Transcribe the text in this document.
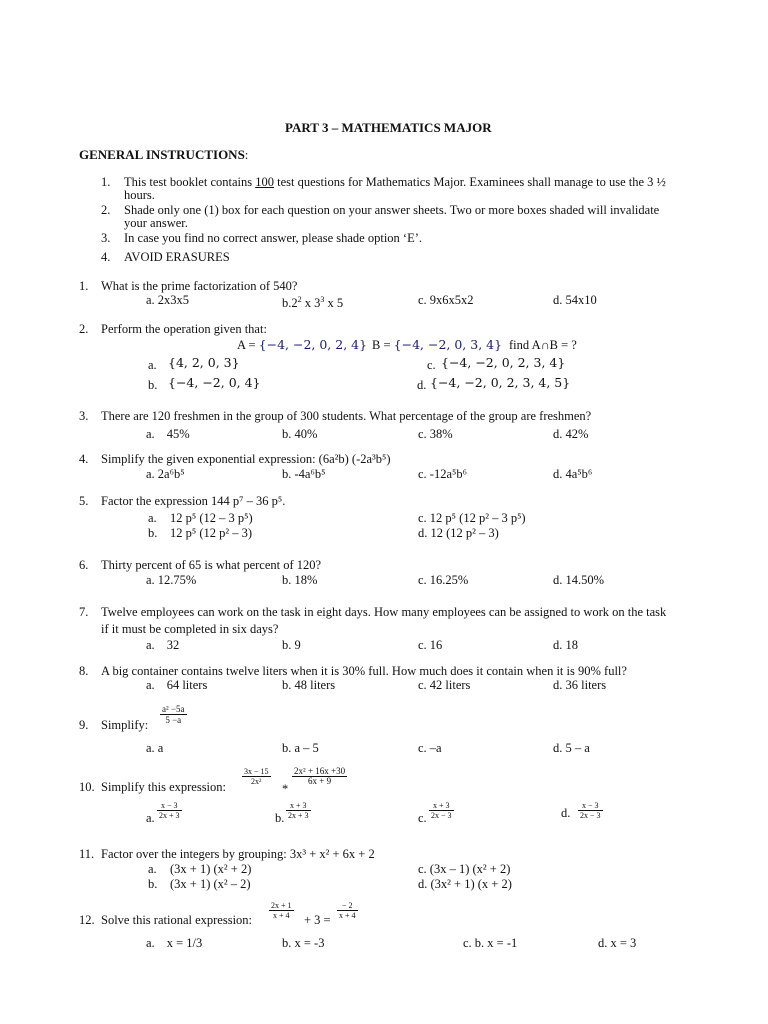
PART 3 – MATHEMATICS MAJOR
GENERAL INSTRUCTIONS:
1. This test booklet contains 100 test questions for Mathematics Major. Examinees shall manage to use the 3 ½
hours.
2. Shade only one (1) box for each question on your answer sheets. Two or more boxes shaded will invalidate
your answer.
3. In case you find no correct answer, please shade option ‘E’.
4. AVOID ERASURES
1. What is the prime factorization of 540?
a. 2x3x5	$b.2^2$ x $3^3$ x 5	c. 9x6x5x2	d. 54x10
2. Perform the operation given that:
A = {−4, −2, 0, 2, 4} B = {−4, −2, 0, 3, 4} find A∩B = ?
a. {4, 2, 0, 3}	c. {−4, −2, 0, 2, 3, 4}
b. {−4, −2, 0, 4}	d. {−4, −2, 0, 2, 3, 4, 5}
3. There are 120 freshmen in the group of 300 students. What percentage of the group are freshmen?
a. 45%	b. 40%	c. 38%	d. 42%
4. Simplify the given exponential expression: (6a²b) (-2a³b⁵)
a. 2a⁶b⁵	b. -4a⁶b⁵	c. -12a⁵b⁶	d. 4a⁵b⁶
5. Factor the expression 144 p⁷ – 36 p⁵.
a. 12 p⁵ (12 – 3 p⁵)	c. 12 p⁵ (12 p² – 3 p⁵)
b. 12 p⁵ (12 p² – 3)	d. 12 (12 p² – 3)
6. Thirty percent of 65 is what percent of 120?
a. 12.75%	b. 18%	c. 16.25%	d. 14.50%
7. Twelve employees can work on the task in eight days. How many employees can be assigned to work on the task
if it must be completed in six days?
a. 32	b. 9	c. 16	d. 18
8. A big container contains twelve liters when it is 30% full. How much does it contain when it is 90% full?
a. 64 liters	b. 48 liters	c. 42 liters	d. 36 liters
9. Simplify: $\frac{\text{a² −5a}}{5 -a}$
a. a	b. a – 5	c. –a	d. 5 – a
10. Simplify this expression:
$\frac{3x - 15}{\text{2x²}}$
*
$\frac{\text{2x² + 16x +30}}{6x + 9}$
a. $\frac{x - 3}{2x + 3}$	b. $\frac{x + 3}{2x + 3}$	c. $\frac{x + 3}{2x - 3}$	d. $\frac{x - 3}{2x - 3}$
11. Factor over the integers by grouping: 3x³ + x² + 6x + 2
a. (3x + 1) (x² + 2)	c. (3x – 1) (x² + 2)
b. (3x + 1) (x² – 2)	d. (3x² + 1) (x + 2)
12. Solve this rational expression: $\frac{2x + 1}{x + 4} + 3 = \frac{- 2}{x + 4}$
a. x = 1/3	b. x = -3	c. b. x = -1	d. x = 3
